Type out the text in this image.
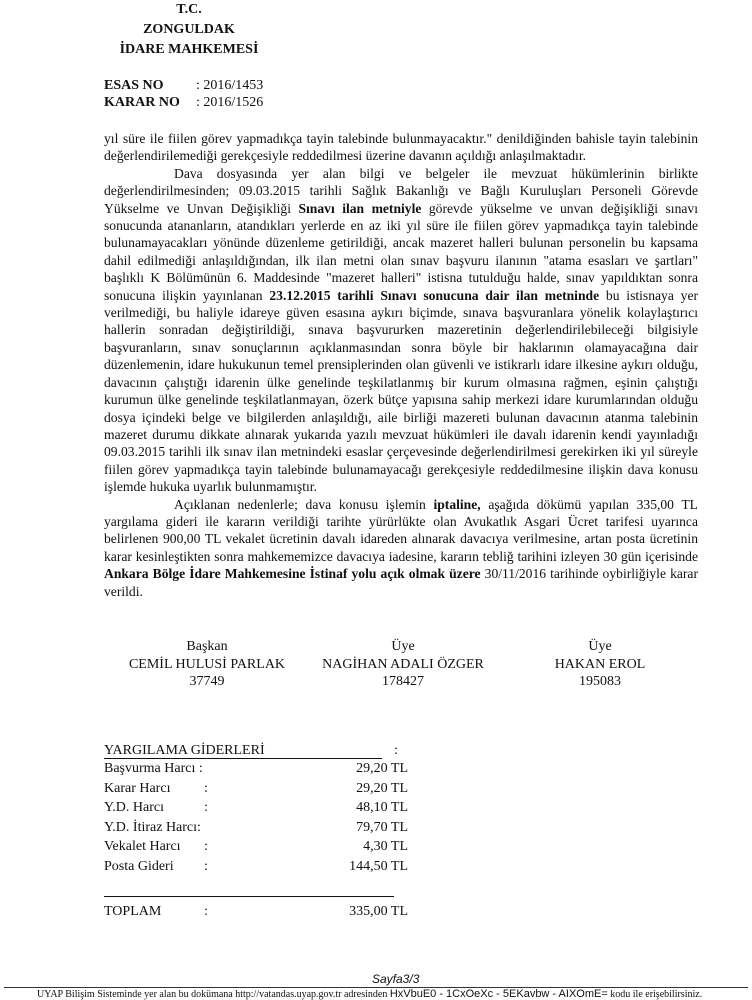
T.C.
ZONGULDAK
İDARE MAHKEMESİ
ESAS NO : 2016/1453
KARAR NO : 2016/1526

yıl süre ile fiilen görev yapmadıkça tayin talebinde bulunmayacaktır." denildiğinden bahisle tayin talebinin değerlendirilemediği gerekçesiyle reddedilmesi üzerine davanın açıldığı anlaşılmaktadır.

Dava dosyasında yer alan bilgi ve belgeler ile mevzuat hükümlerinin birlikte değerlendirilmesinden; 09.03.2015 tarihli Sağlık Bakanlığı ve Bağlı Kuruluşları Personeli Görevde Yükselme ve Unvan Değişikliği Sınavı ilan metniyle görevde yükselme ve unvan değişikliği sınavı sonucunda atananların, atandıkları yerlerde en az iki yıl süre ile fiilen görev yapmadıkça tayin talebinde bulunamayacakları yönünde düzenleme getirildiği, ancak mazeret halleri bulunan personelin bu kapsama dahil edilmediği anlaşıldığından, ilk ilan metni olan sınav başvuru ilanının "atama esasları ve şartları" başlıklı K Bölümünün 6. Maddesinde "mazeret halleri" istisna tutulduğu halde, sınav yapıldıktan sonra sonucuna ilişkin yayınlanan 23.12.2015 tarihli Sınavı sonucuna dair ilan metninde bu istisnaya yer verilmediği, bu haliyle idareye güven esasına aykırı biçimde, sınava başvuranlara yönelik kolaylaştırıcı hallerin sonradan değiştirildiği, sınava başvururken mazeretinin değerlendirilebileceği bilgisiyle başvuranların, sınav sonuçlarının açıklanmasından sonra böyle bir haklarının olamayacağına dair düzenlemenin, idare hukukunun temel prensiplerinden olan güvenli ve istikrarlı idare ilkesine aykırı olduğu, davacının çalıştığı idarenin ülke genelinde teşkilatlanmış bir kurum olmasına rağmen, eşinin çalıştığı kurumun ülke genelinde teşkilatlanmayan, özerk bütçe yapısına sahip merkezi idare kurumlarından olduğu dosya içindeki belge ve bilgilerden anlaşıldığı, aile birliği mazereti bulunan davacının atanma talebinin mazeret durumu dikkate alınarak yukarıda yazılı mevzuat hükümleri ile davalı idarenin kendi yayınladığı 09.03.2015 tarihli ilk sınav ilan metnindeki esaslar çerçevesinde değerlendirilmesi gerekirken iki yıl süreyle fiilen görev yapmadıkça tayin talebinde bulunamayacağı gerekçesiyle reddedilmesine ilişkin dava konusu işlemde hukuka uyarlık bulunmamıştır.

Açıklanan nedenlerle; dava konusu işlemin iptaline, aşağıda dökümü yapılan 335,00 TL yargılama gideri ile kararın verildiği tarihte yürürlükte olan Avukatlık Asgari Ücret tarifesi uyarınca belirlenen 900,00 TL vekalet ücretinin davalı idareden alınarak davacıya verilmesine, artan posta ücretinin karar kesinleştikten sonra mahkememizce davacıya iadesine, kararın tebliğ tarihini izleyen 30 gün içerisinde Ankara Bölge İdare Mahkemesine İstinaf yolu açık olmak üzere 30/11/2016 tarihinde oybirliğiyle karar verildi.

Başkan
CEMİL HULUSİ PARLAK
37749
Üye
NAGİHAN ADALI ÖZGER
178427
Üye
HAKAN EROL
195083
YARGILAMA GİDERLERİ	:
Başvurma Harcı :	29,20 TL
Karar Harcı :	29,20 TL
Y.D. Harcı	:	48,10 TL
Y.D. İtiraz Harcı:	79,70 TL
Vekalet Harcı :	4,30 TL
Posta Gideri :	144,50 TL
TOPLAM	:	335,00 TL
Sayfa3/3
UYAP Bilişim Sisteminde yer alan bu dokümana http://vatandas.uyap.gov.tr adresinden HxVbuE0 - 1CxOeXc - 5EKavbw - AIXOmE= kodu ile erişebilirsiniz.
